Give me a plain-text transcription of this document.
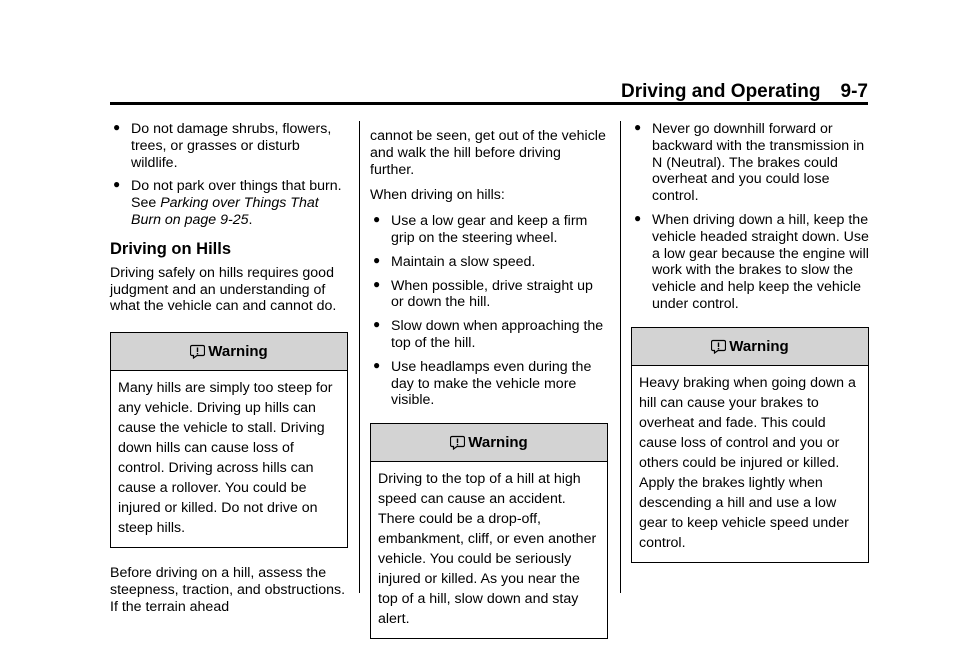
Driving and Operating 9-7
● Do not damage shrubs, flowers, trees, or grasses or disturb wildlife.
● Do not park over things that burn. See Parking over Things That Burn on page 9-25.
Driving on Hills

Driving safely on hills requires good judgment and an understanding of what the vehicle can and cannot do.

Warning
Many hills are simply too steep for any vehicle. Driving up hills can cause the vehicle to stall. Driving down hills can cause loss of control. Driving across hills can cause a rollover. You could be injured or killed. Do not drive on steep hills.

Before driving on a hill, assess the steepness, traction, and obstructions. If the terrain ahead

cannot be seen, get out of the vehicle and walk the hill before driving further.

When driving on hills:

● Use a low gear and keep a firm grip on the steering wheel.
● Maintain a slow speed.
● When possible, drive straight up or down the hill.
● Slow down when approaching the top of the hill.
● Use headlamps even during the day to make the vehicle more visible.
Warning
Driving to the top of a hill at high speed can cause an accident. There could be a drop-off, embankment, cliff, or even another vehicle. You could be seriously injured or killed. As you near the top of a hill, slow down and stay alert.
● Never go downhill forward or backward with the transmission in N (Neutral). The brakes could overheat and you could lose control.
● When driving down a hill, keep the vehicle headed straight down. Use a low gear because the engine will work with the brakes to slow the vehicle and help keep the vehicle under control.
Warning
Heavy braking when going down a hill can cause your brakes to overheat and fade. This could cause loss of control and you or others could be injured or killed. Apply the brakes lightly when descending a hill and use a low gear to keep vehicle speed under control.
